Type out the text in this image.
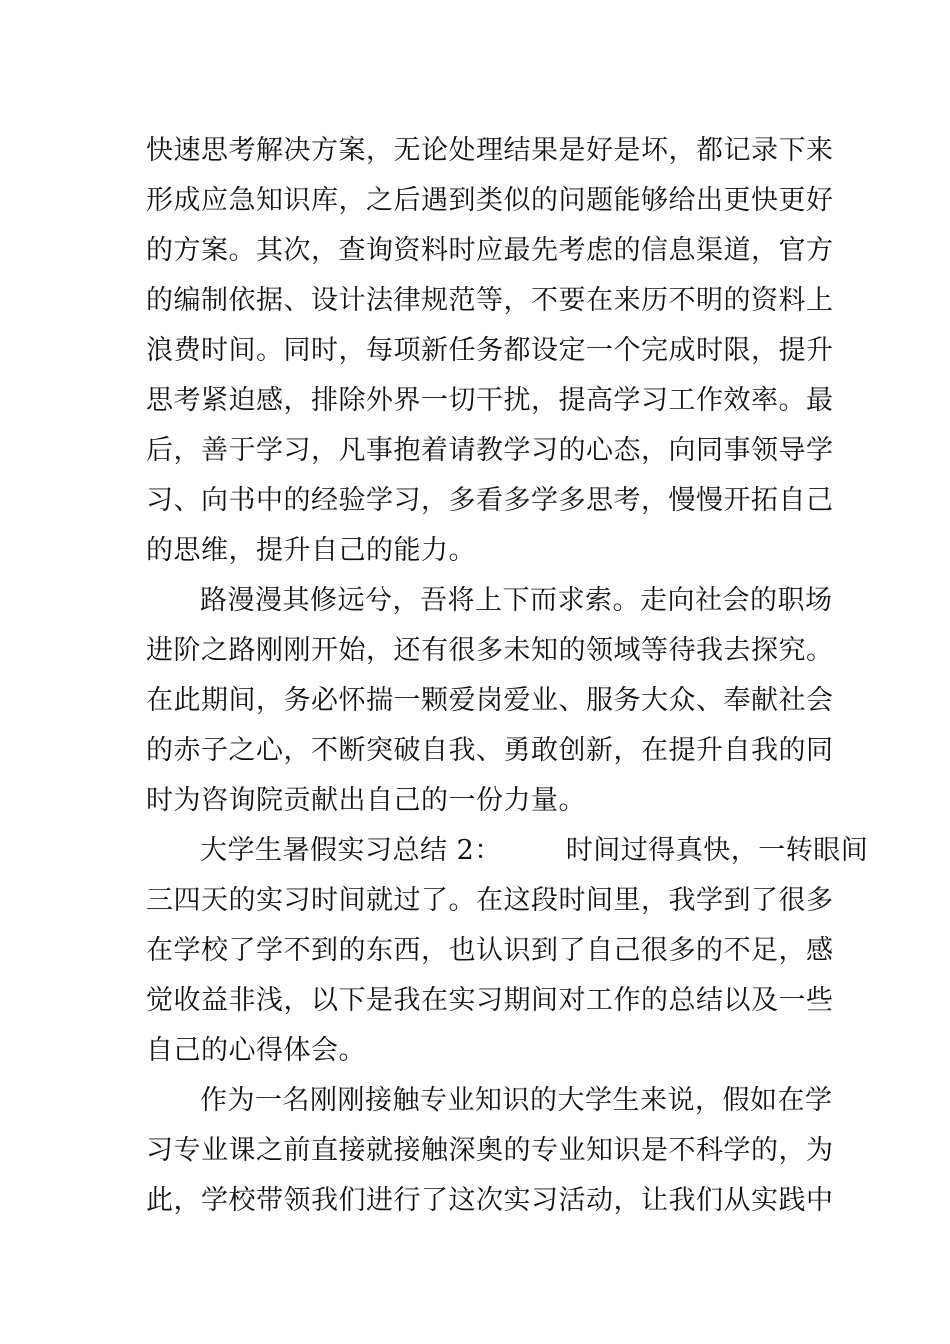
快速思考解决方案，无论处理结果是好是坏，都记录下来
形成应急知识库，之后遇到类似的问题能够给出更快更好
的方案。其次，查询资料时应最先考虑的信息渠道，官方
的编制依据、设计法律规范等，不要在来历不明的资料上
浪费时间。同时，每项新任务都设定一个完成时限，提升
思考紧迫感，排除外界一切干扰，提高学习工作效率。最
后，善于学习，凡事抱着请教学习的心态，向同事领导学
习、向书中的经验学习，多看多学多思考，慢慢开拓自己
的思维，提升自己的能力。
路漫漫其修远兮，吾将上下而求索。走向社会的职场
进阶之路刚刚开始，还有很多未知的领域等待我去探究。
在此期间，务必怀揣一颗爱岗爱业、服务大众、奉献社会
的赤子之心，不断突破自我、勇敢创新，在提升自我的同
时为咨询院贡献出自己的一份力量。
大学生暑假实习总结 2： 时间过得真快，一转眼间
三四天的实习时间就过了。在这段时间里，我学到了很多
在学校了学不到的东西，也认识到了自己很多的不足，感
觉收益非浅，以下是我在实习期间对工作的总结以及一些
自己的心得体会。
作为一名刚刚接触专业知识的大学生来说，假如在学
习专业课之前直接就接触深奥的专业知识是不科学的，为
此，学校带领我们进行了这次实习活动，让我们从实践中
